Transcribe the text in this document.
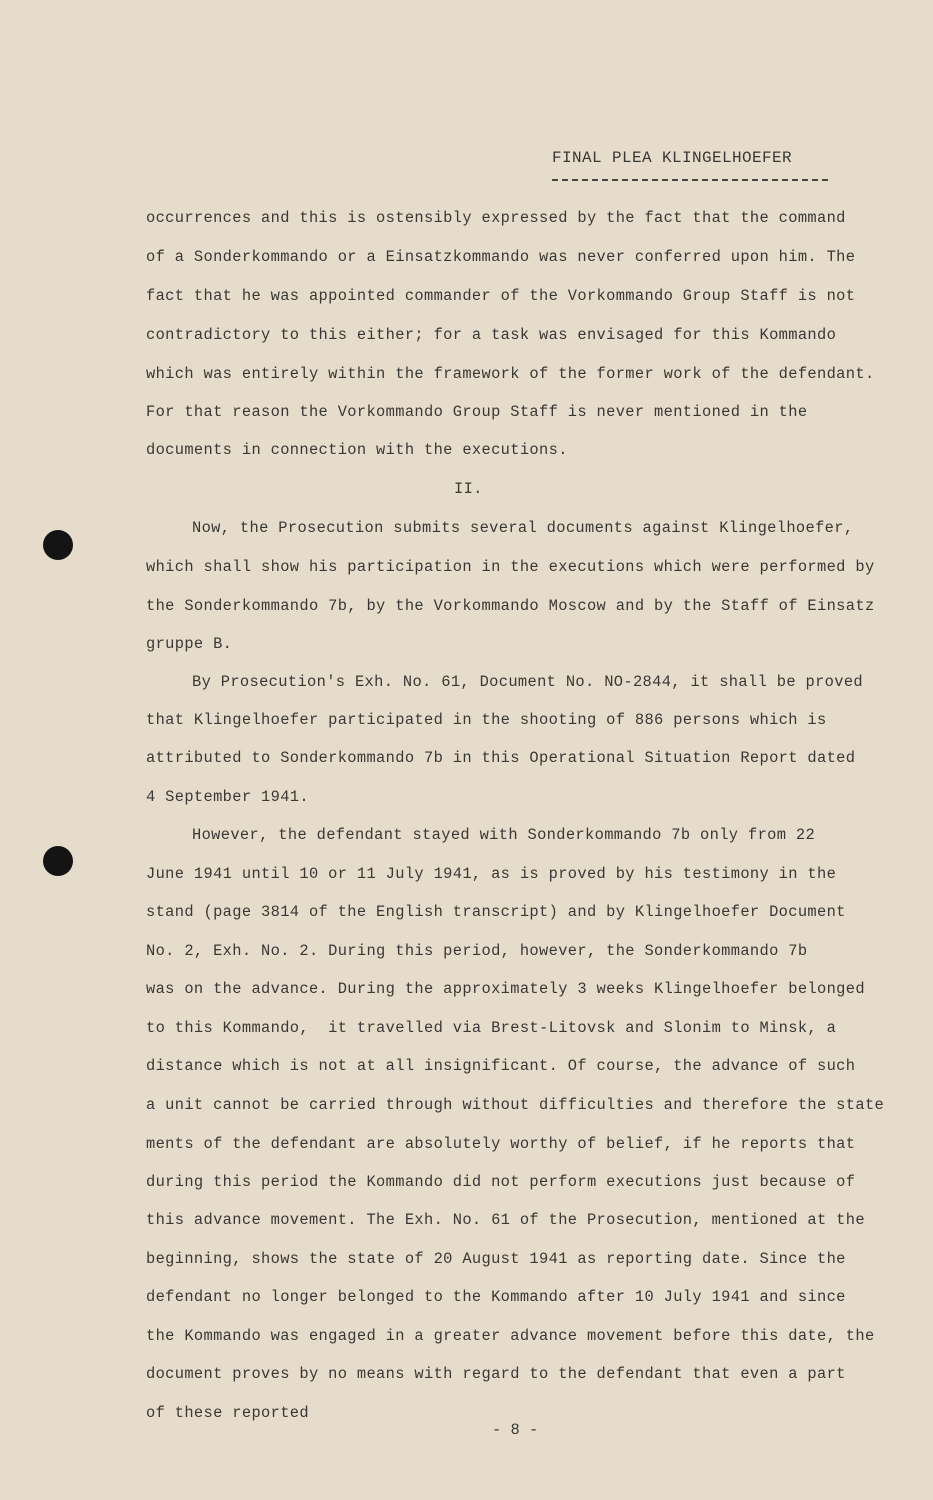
FINAL PLEA KLINGELHOEFER
occurrences and this is ostensibly expressed by the fact that the command
of a Sonderkommando or a Einsatzkommando was never conferred upon him. The
fact that he was appointed commander of the Vorkommando Group Staff is not
contradictory to this either; for a task was envisaged for this Kommando
which was entirely within the framework of the former work of the defendant.
For that reason the Vorkommando Group Staff is never mentioned in the
documents in connection with the executions.
II.
Now, the Prosecution submits several documents against Klingelhoefer,
which shall show his participation in the executions which were performed by
the Sonderkommando 7b, by the Vorkommando Moscow and by the Staff of Einsatz
gruppe B.
By Prosecution's Exh. No. 61, Document No. NO-2844, it shall be proved
that Klingelhoefer participated in the shooting of 886 persons which is
attributed to Sonderkommando 7b in this Operational Situation Report dated
4 September 1941.
However, the defendant stayed with Sonderkommando 7b only from 22
June 1941 until 10 or 11 July 1941, as is proved by his testimony in the
stand (page 3814 of the English transcript) and by Klingelhoefer Document
No. 2, Exh. No. 2. During this period, however, the Sonderkommando 7b
was on the advance. During the approximately 3 weeks Klingelhoefer belonged
to this Kommando,  it travelled via Brest-Litovsk and Slonim to Minsk, a
distance which is not at all insignificant. Of course, the advance of such
a unit cannot be carried through without difficulties and therefore the state
ments of the defendant are absolutely worthy of belief, if he reports that
during this period the Kommando did not perform executions just because of
this advance movement. The Exh. No. 61 of the Prosecution, mentioned at the
beginning, shows the state of 20 August 1941 as reporting date. Since the
defendant no longer belonged to the Kommando after 10 July 1941 and since
the Kommando was engaged in a greater advance movement before this date, the
document proves by no means with regard to the defendant that even a part
of these reported
- 8 -
